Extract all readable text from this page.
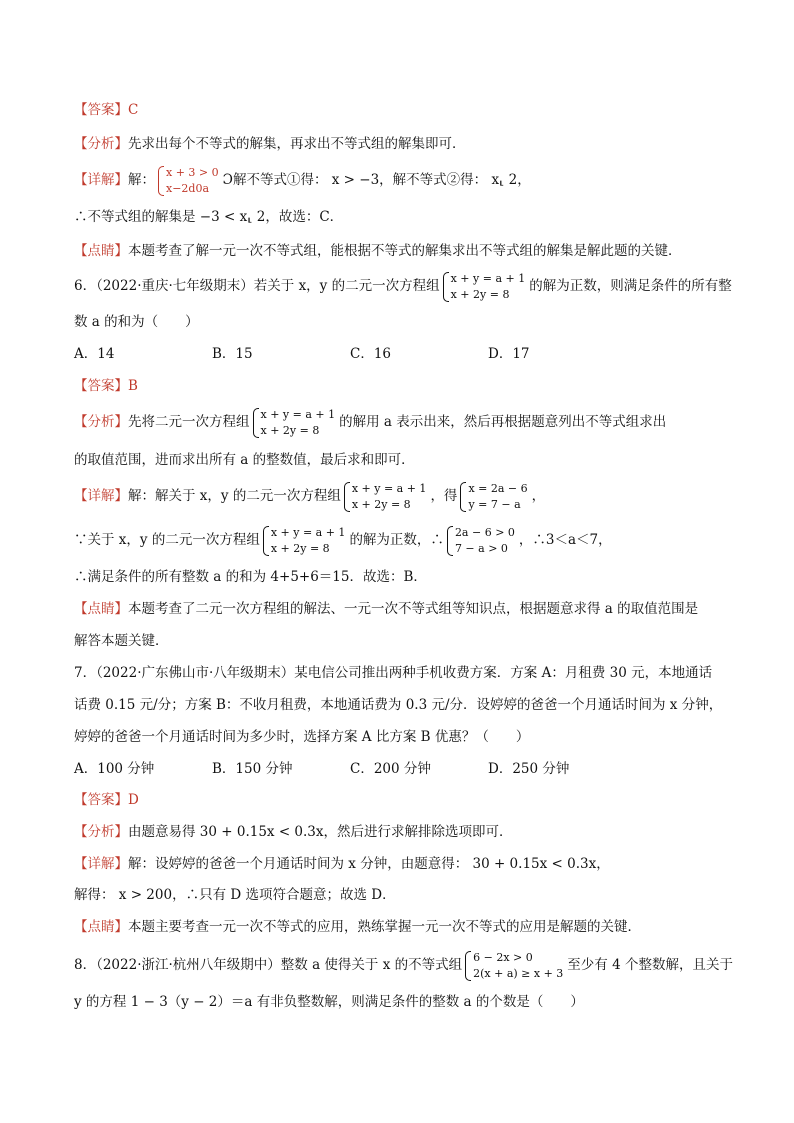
【答案】C
【分析】先求出每个不等式的解集，再求出不等式组的解集即可．
【详解】解： x + 3 > 0
x−2d0a	Ɔ解不等式①得： x > −3，解不等式②得： x⸤ 2，
∴不等式组的解集是 −3 < x⸤ 2，故选：C．
【点睛】本题考查了解一元一次不等式组，能根据不等式的解集求出不等式组的解集是解此题的关键．
6．（2022·重庆·七年级期末）若关于 x，y 的二元一次方程组 x + y = a + 1
x + 2y = 8	的解为正数，则满足条件的所有整
数 a 的和为（　　）
A．14	B．15	C．16	D．17
【答案】B
【分析】先将二元一次方程组 x + y = a + 1
x + 2y = 8	的解用 a 表示出来，然后再根据题意列出不等式组求出
的取值范围，进而求出所有 a 的整数值，最后求和即可．
【详解】解：解关于 x，y 的二元一次方程组 x + y = a + 1
x + 2y = 8	，得 x = 2a − 6
y = 7 − a ，
∵关于 x，y 的二元一次方程组 x + y = a + 1
x + 2y = 8	的解为正数，∴ 2a − 6 > 0
7 − a > 0 ，∴3＜a＜7，
∴满足条件的所有整数 a 的和为 4+5+6＝15．故选：B．
【点睛】本题考查了二元一次方程组的解法、一元一次不等式组等知识点，根据题意求得 a 的取值范围是
解答本题关键．
7．（2022·广东佛山市·八年级期末）某电信公司推出两种手机收费方案．方案 A：月租费 30 元，本地通话
话费 0.15 元/分；方案 B：不收月租费，本地通话费为 0.3 元/分．设婷婷的爸爸一个月通话时间为 x 分钟，
婷婷的爸爸一个月通话时间为多少时，选择方案 A 比方案 B 优惠？（　　）
A．100 分钟	B．150 分钟	C．200 分钟	D．250 分钟
【答案】D
【分析】由题意易得 30 + 0.15x < 0.3x，然后进行求解排除选项即可．
【详解】解：设婷婷的爸爸一个月通话时间为 x 分钟，由题意得： 30 + 0.15x < 0.3x，
解得： x > 200，∴只有 D 选项符合题意；故选 D．
【点睛】本题主要考查一元一次不等式的应用，熟练掌握一元一次不等式的应用是解题的关键．
8．（2022·浙江·杭州八年级期中）整数 a 使得关于 x 的不等式组 6 − 2x > 0
2(x + a) ≥ x + 3 至少有 4 个整数解，且关于
y 的方程 1 − 3（y − 2）＝a 有非负整数解，则满足条件的整数 a 的个数是（　　）
